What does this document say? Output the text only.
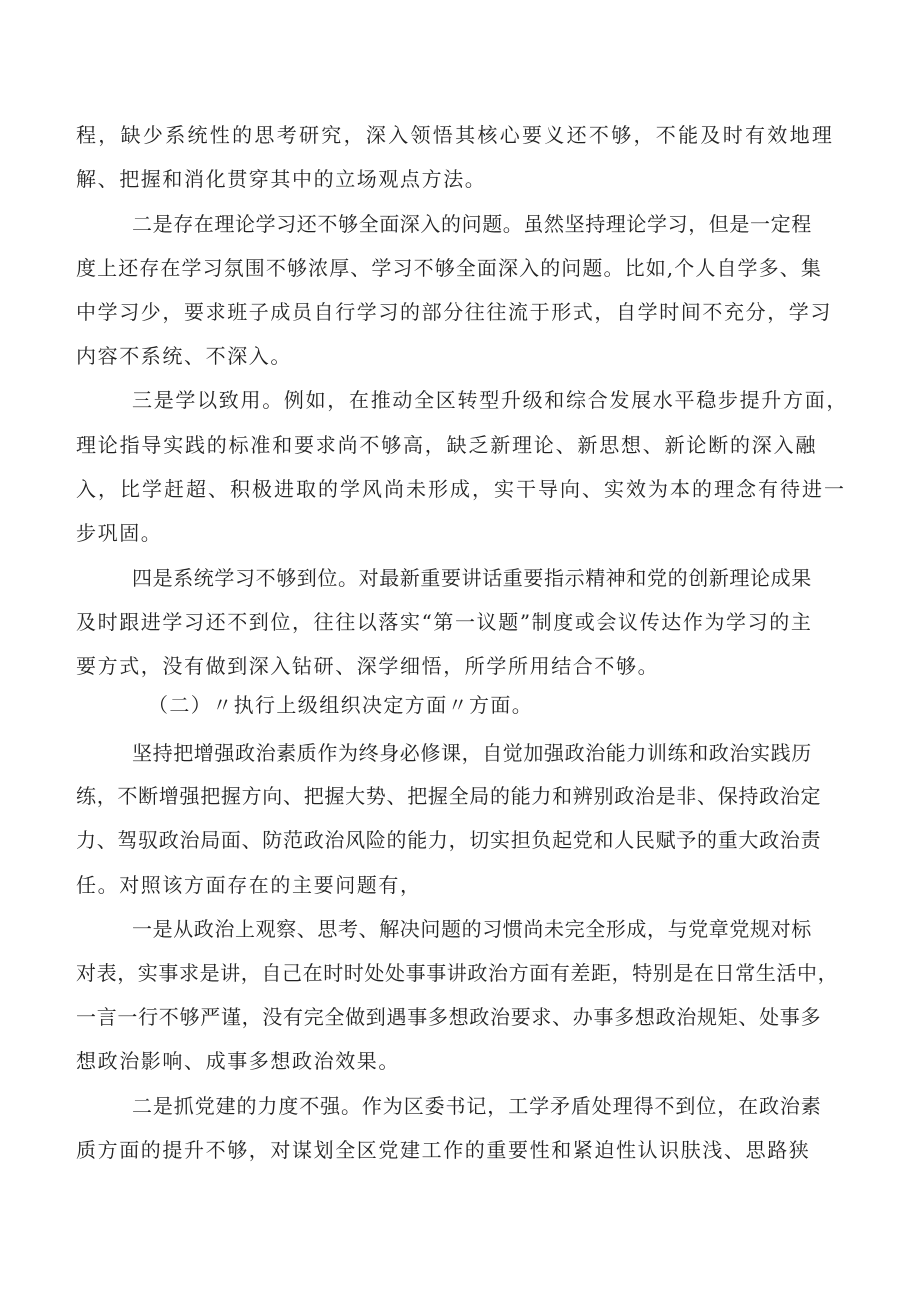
程，缺少系统性的思考研究，深入领悟其核心要义还不够，不能及时有效地理

解、把握和消化贯穿其中的立场观点方法。

二是存在理论学习还不够全面深入的问题。虽然坚持理论学习，但是一定程

度上还存在学习氛围不够浓厚、学习不够全面深入的问题。比如,个人自学多、集

中学习少，要求班子成员自行学习的部分往往流于形式，自学时间不充分，学习

内容不系统、不深入。

三是学以致用。例如，在推动全区转型升级和综合发展水平稳步提升方面，

理论指导实践的标准和要求尚不够高，缺乏新理论、新思想、新论断的深入融

入，比学赶超、积极进取的学风尚未形成，实干导向、实效为本的理念有待进一

步巩固。

四是系统学习不够到位。对最新重要讲话重要指示精神和党的创新理论成果

及时跟进学习还不到位，往往以落实“第一议题”制度或会议传达作为学习的主

要方式，没有做到深入钻研、深学细悟，所学所用结合不够。

（二）〃执行上级组织决定方面〃方面。

坚持把增强政治素质作为终身必修课，自觉加强政治能力训练和政治实践历

练，不断增强把握方向、把握大势、把握全局的能力和辨别政治是非、保持政治定

力、驾驭政治局面、防范政治风险的能力，切实担负起党和人民赋予的重大政治责

任。对照该方面存在的主要问题有，

一是从政治上观察、思考、解决问题的习惯尚未完全形成，与党章党规对标

对表，实事求是讲，自己在时时处处事事讲政治方面有差距，特别是在日常生活中，

一言一行不够严谨，没有完全做到遇事多想政治要求、办事多想政治规矩、处事多

想政治影响、成事多想政治效果。

二是抓党建的力度不强。作为区委书记，工学矛盾处理得不到位，在政治素

质方面的提升不够，对谋划全区党建工作的重要性和紧迫性认识肤浅、思路狭
